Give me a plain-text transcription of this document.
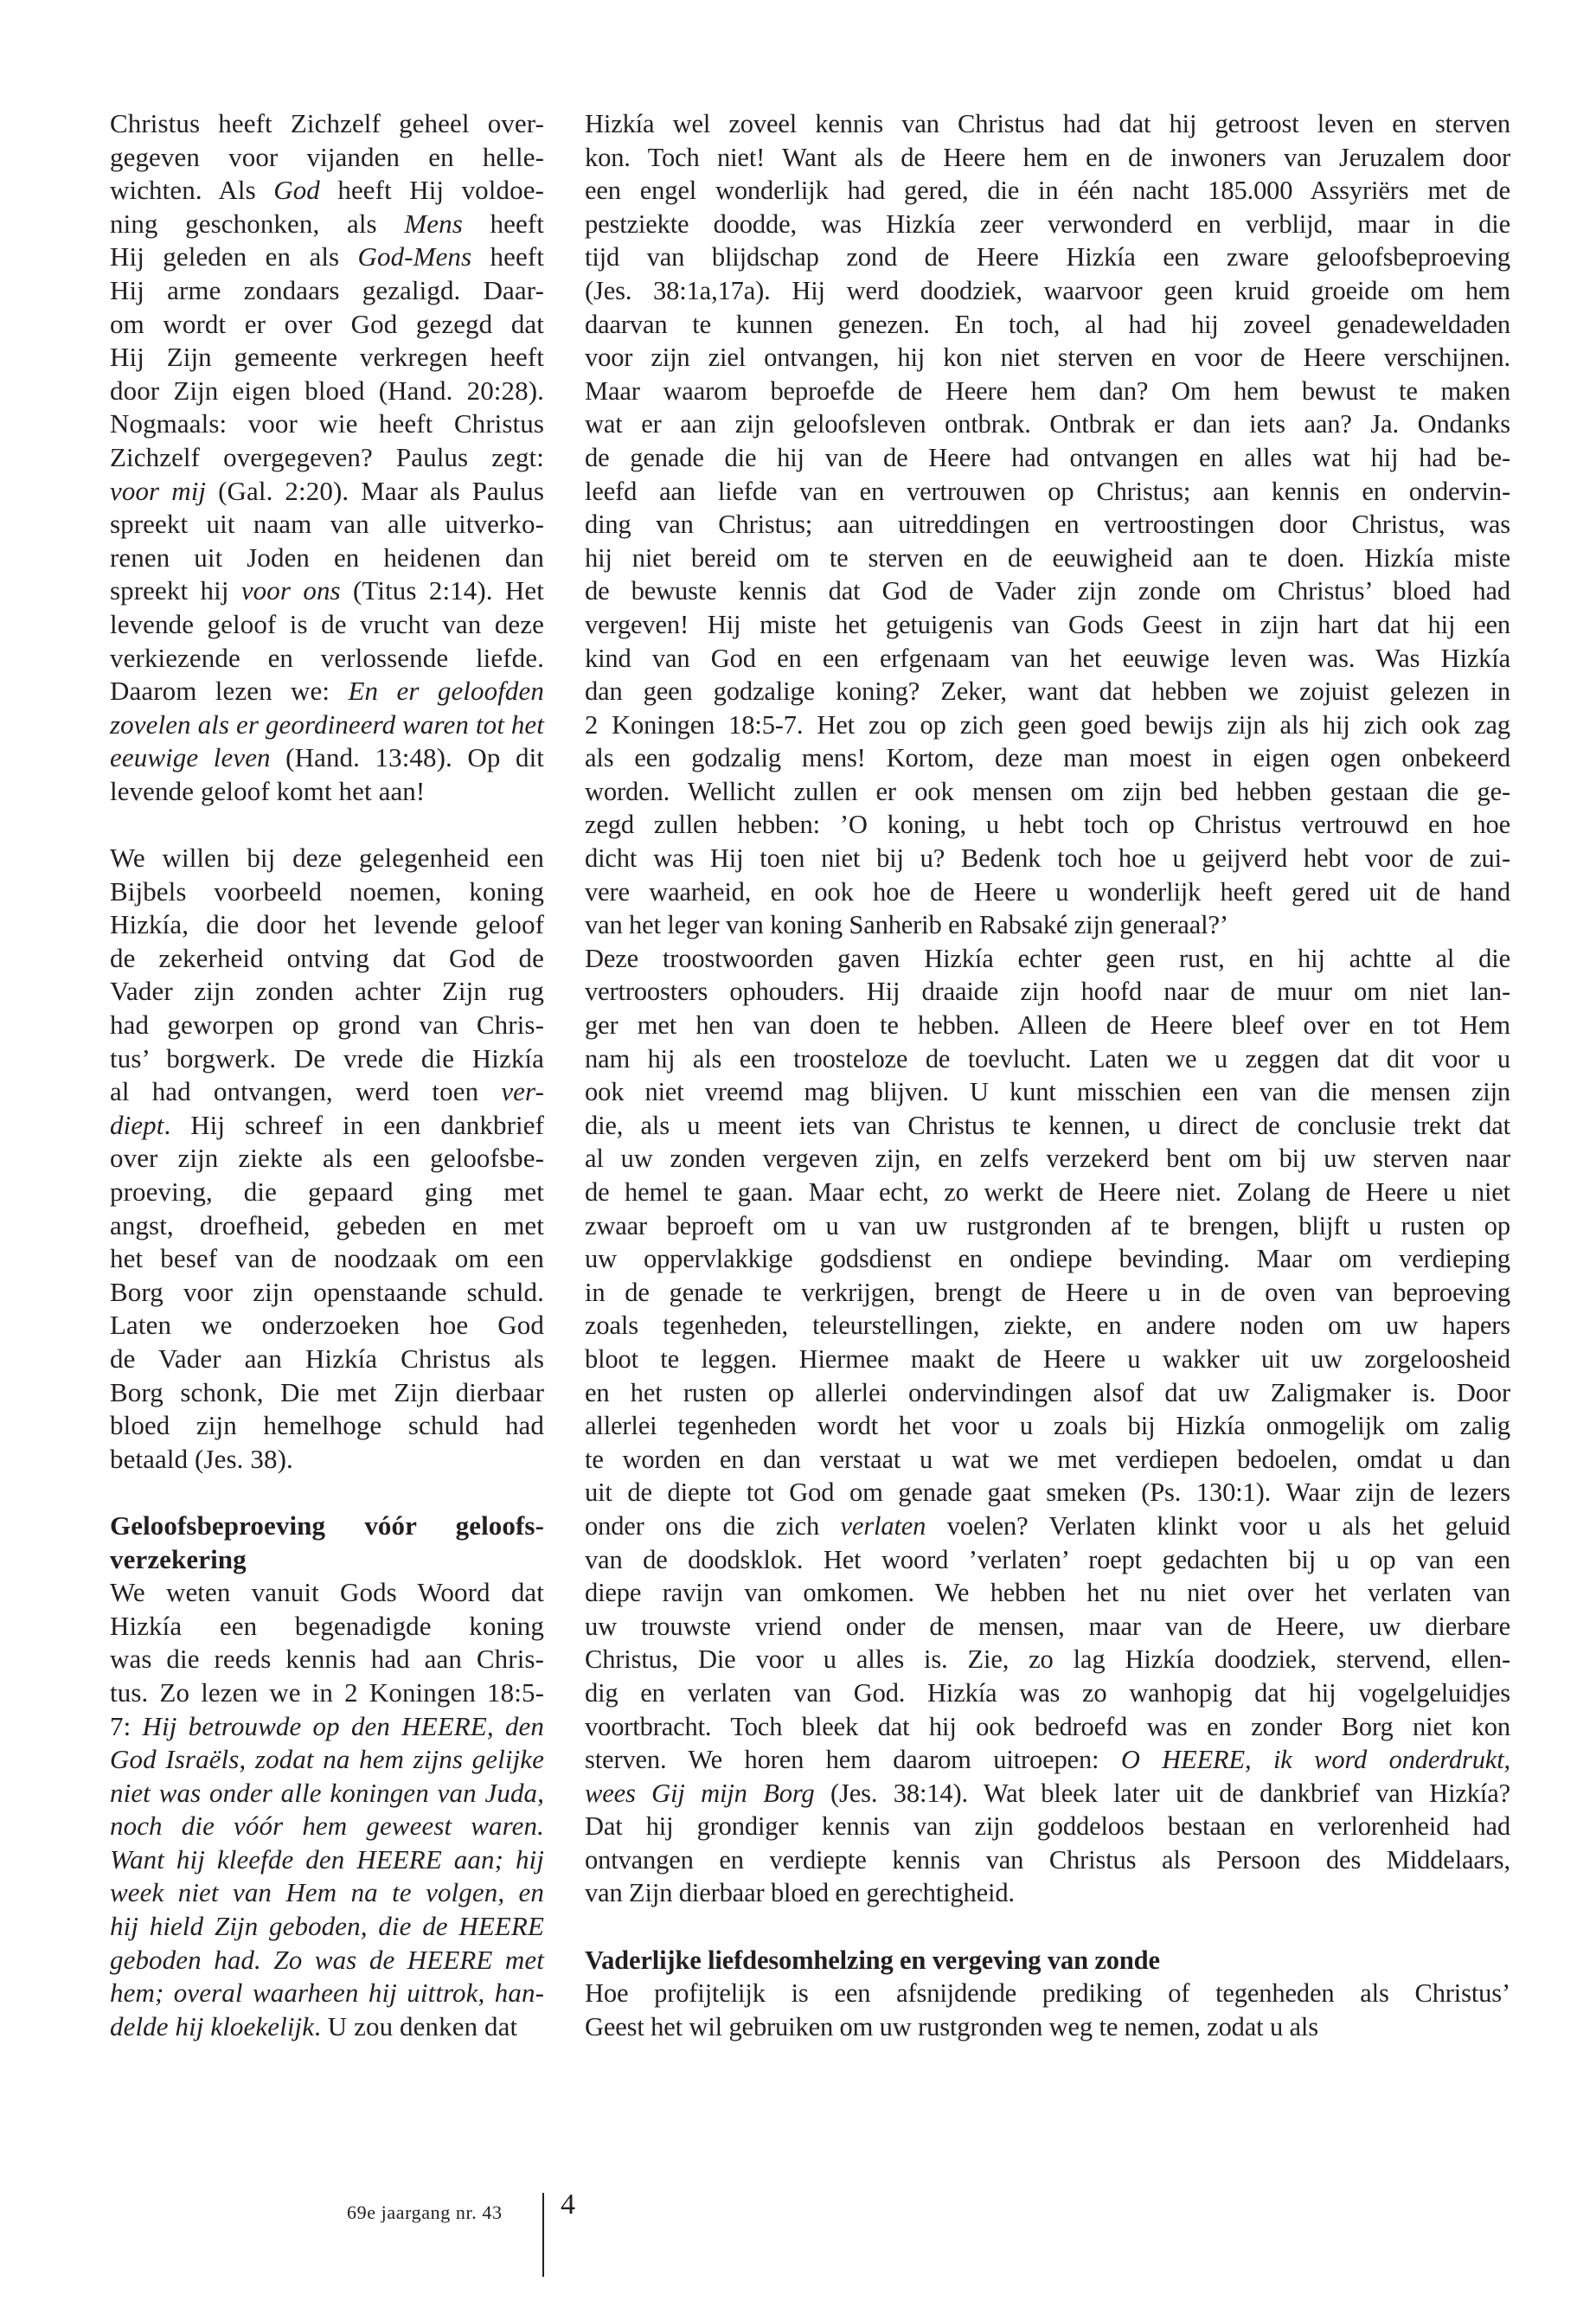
Christus heeft Zichzelf geheel over-
gegeven voor vijanden en helle-
wichten. Als God heeft Hij voldoe-
ning geschonken, als Mens heeft
Hij geleden en als God-Mens heeft
Hij arme zondaars gezaligd. Daar-
om wordt er over God gezegd dat
Hij Zijn gemeente verkregen heeft
door Zijn eigen bloed (Hand. 20:28).
Nogmaals: voor wie heeft Christus
Zichzelf overgegeven? Paulus zegt:
voor mij (Gal. 2:20). Maar als Paulus
spreekt uit naam van alle uitverko-
renen uit Joden en heidenen dan
spreekt hij voor ons (Titus 2:14). Het
levende geloof is de vrucht van deze
verkiezende en verlossende liefde.
Daarom lezen we: En er geloofden
zovelen als er geordineerd waren tot het
eeuwige leven (Hand. 13:48). Op dit
levende geloof komt het aan!
We willen bij deze gelegenheid een
Bijbels voorbeeld noemen, koning
Hizkía, die door het levende geloof
de zekerheid ontving dat God de
Vader zijn zonden achter Zijn rug
had geworpen op grond van Chris-
tus’ borgwerk. De vrede die Hizkía
al had ontvangen, werd toen ver-
diept. Hij schreef in een dankbrief
over zijn ziekte als een geloofsbe-
proeving, die gepaard ging met
angst, droefheid, gebeden en met
het besef van de noodzaak om een
Borg voor zijn openstaande schuld.
Laten we onderzoeken hoe God
de Vader aan Hizkía Christus als
Borg schonk, Die met Zijn dierbaar
bloed zijn hemelhoge schuld had
betaald (Jes. 38).
Geloofsbeproeving vóór geloofs-
verzekering
We weten vanuit Gods Woord dat
Hizkía een begenadigde koning
was die reeds kennis had aan Chris-
tus. Zo lezen we in 2 Koningen 18:5-
7: Hij betrouwde op den HEERE, den
God Israëls, zodat na hem zijns gelijke
niet was onder alle koningen van Juda,
noch die vóór hem geweest waren.
Want hij kleefde den HEERE aan; hij
week niet van Hem na te volgen, en
hij hield Zijn geboden, die de HEERE
geboden had. Zo was de HEERE met
hem; overal waarheen hij uittrok, han-
delde hij kloekelijk. U zou denken dat
Hizkía wel zoveel kennis van Christus had dat hij getroost leven en sterven
kon. Toch niet! Want als de Heere hem en de inwoners van Jeruzalem door
een engel wonderlijk had gered, die in één nacht 185.000 Assyriërs met de
pestziekte doodde, was Hizkía zeer verwonderd en verblijd, maar in die
tijd van blijdschap zond de Heere Hizkía een zware geloofsbeproeving
(Jes. 38:1a,17a). Hij werd doodziek, waarvoor geen kruid groeide om hem
daarvan te kunnen genezen. En toch, al had hij zoveel genadeweldaden
voor zijn ziel ontvangen, hij kon niet sterven en voor de Heere verschijnen.
Maar waarom beproefde de Heere hem dan? Om hem bewust te maken
wat er aan zijn geloofsleven ontbrak. Ontbrak er dan iets aan? Ja. Ondanks
de genade die hij van de Heere had ontvangen en alles wat hij had be-
leefd aan liefde van en vertrouwen op Christus; aan kennis en ondervin-
ding van Christus; aan uitreddingen en vertroostingen door Christus, was
hij niet bereid om te sterven en de eeuwigheid aan te doen. Hizkía miste
de bewuste kennis dat God de Vader zijn zonde om Christus’ bloed had
vergeven! Hij miste het getuigenis van Gods Geest in zijn hart dat hij een
kind van God en een erfgenaam van het eeuwige leven was. Was Hizkía
dan geen godzalige koning? Zeker, want dat hebben we zojuist gelezen in
2 Koningen 18:5-7. Het zou op zich geen goed bewijs zijn als hij zich ook zag
als een godzalig mens! Kortom, deze man moest in eigen ogen onbekeerd
worden. Wellicht zullen er ook mensen om zijn bed hebben gestaan die ge-
zegd zullen hebben: ’O koning, u hebt toch op Christus vertrouwd en hoe
dicht was Hij toen niet bij u? Bedenk toch hoe u geijverd hebt voor de zui-
vere waarheid, en ook hoe de Heere u wonderlijk heeft gered uit de hand
van het leger van koning Sanherib en Rabsaké zijn generaal?’
Deze troostwoorden gaven Hizkía echter geen rust, en hij achtte al die
vertroosters ophouders. Hij draaide zijn hoofd naar de muur om niet lan-
ger met hen van doen te hebben. Alleen de Heere bleef over en tot Hem
nam hij als een troosteloze de toevlucht. Laten we u zeggen dat dit voor u
ook niet vreemd mag blijven. U kunt misschien een van die mensen zijn
die, als u meent iets van Christus te kennen, u direct de conclusie trekt dat
al uw zonden vergeven zijn, en zelfs verzekerd bent om bij uw sterven naar
de hemel te gaan. Maar echt, zo werkt de Heere niet. Zolang de Heere u niet
zwaar beproeft om u van uw rustgronden af te brengen, blijft u rusten op
uw oppervlakkige godsdienst en ondiepe bevinding. Maar om verdieping
in de genade te verkrijgen, brengt de Heere u in de oven van beproeving
zoals tegenheden, teleurstellingen, ziekte, en andere noden om uw hapers
bloot te leggen. Hiermee maakt de Heere u wakker uit uw zorgeloosheid
en het rusten op allerlei ondervindingen alsof dat uw Zaligmaker is. Door
allerlei tegenheden wordt het voor u zoals bij Hizkía onmogelijk om zalig
te worden en dan verstaat u wat we met verdiepen bedoelen, omdat u dan
uit de diepte tot God om genade gaat smeken (Ps. 130:1). Waar zijn de lezers
onder ons die zich verlaten voelen? Verlaten klinkt voor u als het geluid
van de doodsklok. Het woord ’verlaten’ roept gedachten bij u op van een
diepe ravijn van omkomen. We hebben het nu niet over het verlaten van
uw trouwste vriend onder de mensen, maar van de Heere, uw dierbare
Christus, Die voor u alles is. Zie, zo lag Hizkía doodziek, stervend, ellen-
dig en verlaten van God. Hizkía was zo wanhopig dat hij vogelgeluidjes
voortbracht. Toch bleek dat hij ook bedroefd was en zonder Borg niet kon
sterven. We horen hem daarom uitroepen: O HEERE, ik word onderdrukt,
wees Gij mijn Borg (Jes. 38:14). Wat bleek later uit de dankbrief van Hizkía?
Dat hij grondiger kennis van zijn goddeloos bestaan en verlorenheid had
ontvangen en verdiepte kennis van Christus als Persoon des Middelaars,
van Zijn dierbaar bloed en gerechtigheid.
Vaderlijke liefdesomhelzing en vergeving van zonde
Hoe profijtelijk is een afsnijdende prediking of tegenheden als Christus’
Geest het wil gebruiken om uw rustgronden weg te nemen, zodat u als
69e jaargang nr. 43 4
